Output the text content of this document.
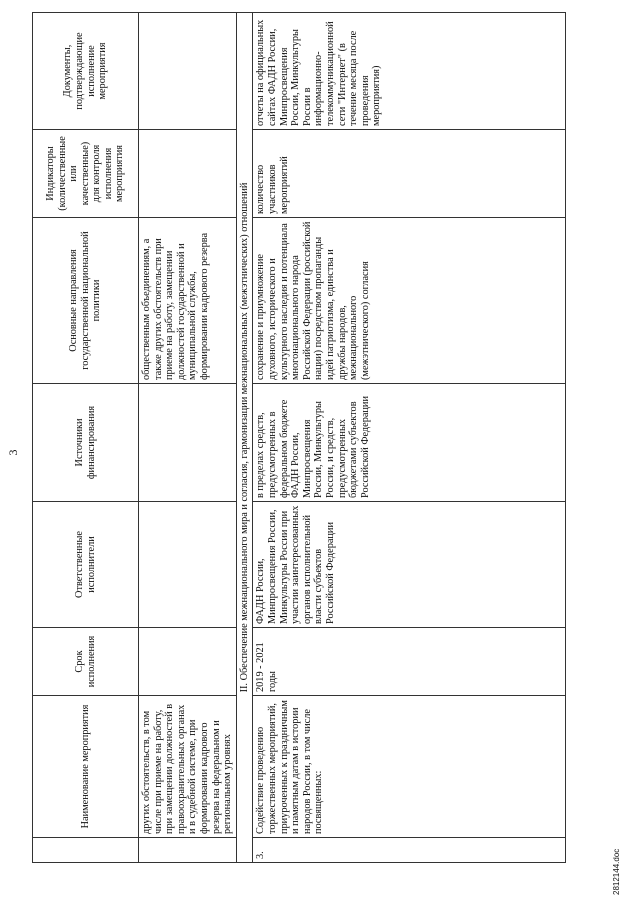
3
	Наименование мероприятия	Срок исполнения	Ответственные исполнители	Источники финансирования	Основные направления государственной национальной политики	Индикаторы (количественные или качественные) для контроля исполнения мероприятия	Документы, подтверждающие исполнение мероприятия
	других обстоятельств, в том числе при приеме на работу, при замещении должностей в правоохранительных органах и в судебной системе, при формировании кадрового резерва на федеральном и региональном уровнях				общественным объединениям, а также других обстоятельств при приеме на работу, замещении должностей государственной и муниципальной службы, формировании кадрового резерва		
II. Обеспечение межнационального мира и согласия, гармонизации межнациональных (межэтнических) отношений							
3.	Содействие проведению торжественных мероприятий, приуроченных к праздничным и памятным датам в истории народов России, в том числе посвященных:	2019 - 2021 годы	ФАДН России, Минпросвещения России, Минкультуры России при участии заинтересованных органов исполнительной власти субъектов Российской Федерации	в пределах средств, предусмотренных в федеральном бюджете ФАДН России, Минпросвещения России, Минкультуры России, и средств, предусмотренных бюджетами субъектов Российской Федерации	сохранение и приумножение духовного, исторического и культурного наследия и потенциала многонационального народа Российской Федерации (российской нации) посредством пропаганды идей патриотизма, единства и дружбы народов, межнационального (межэтнического) согласия	количество участников мероприятий	отчеты на официальных сайтах ФАДН России, Минпросвещения России, Минкультуры России в информационно-телекоммуникационной сети "Интернет" (в течение месяца после проведения мероприятия)
2812144.doc
